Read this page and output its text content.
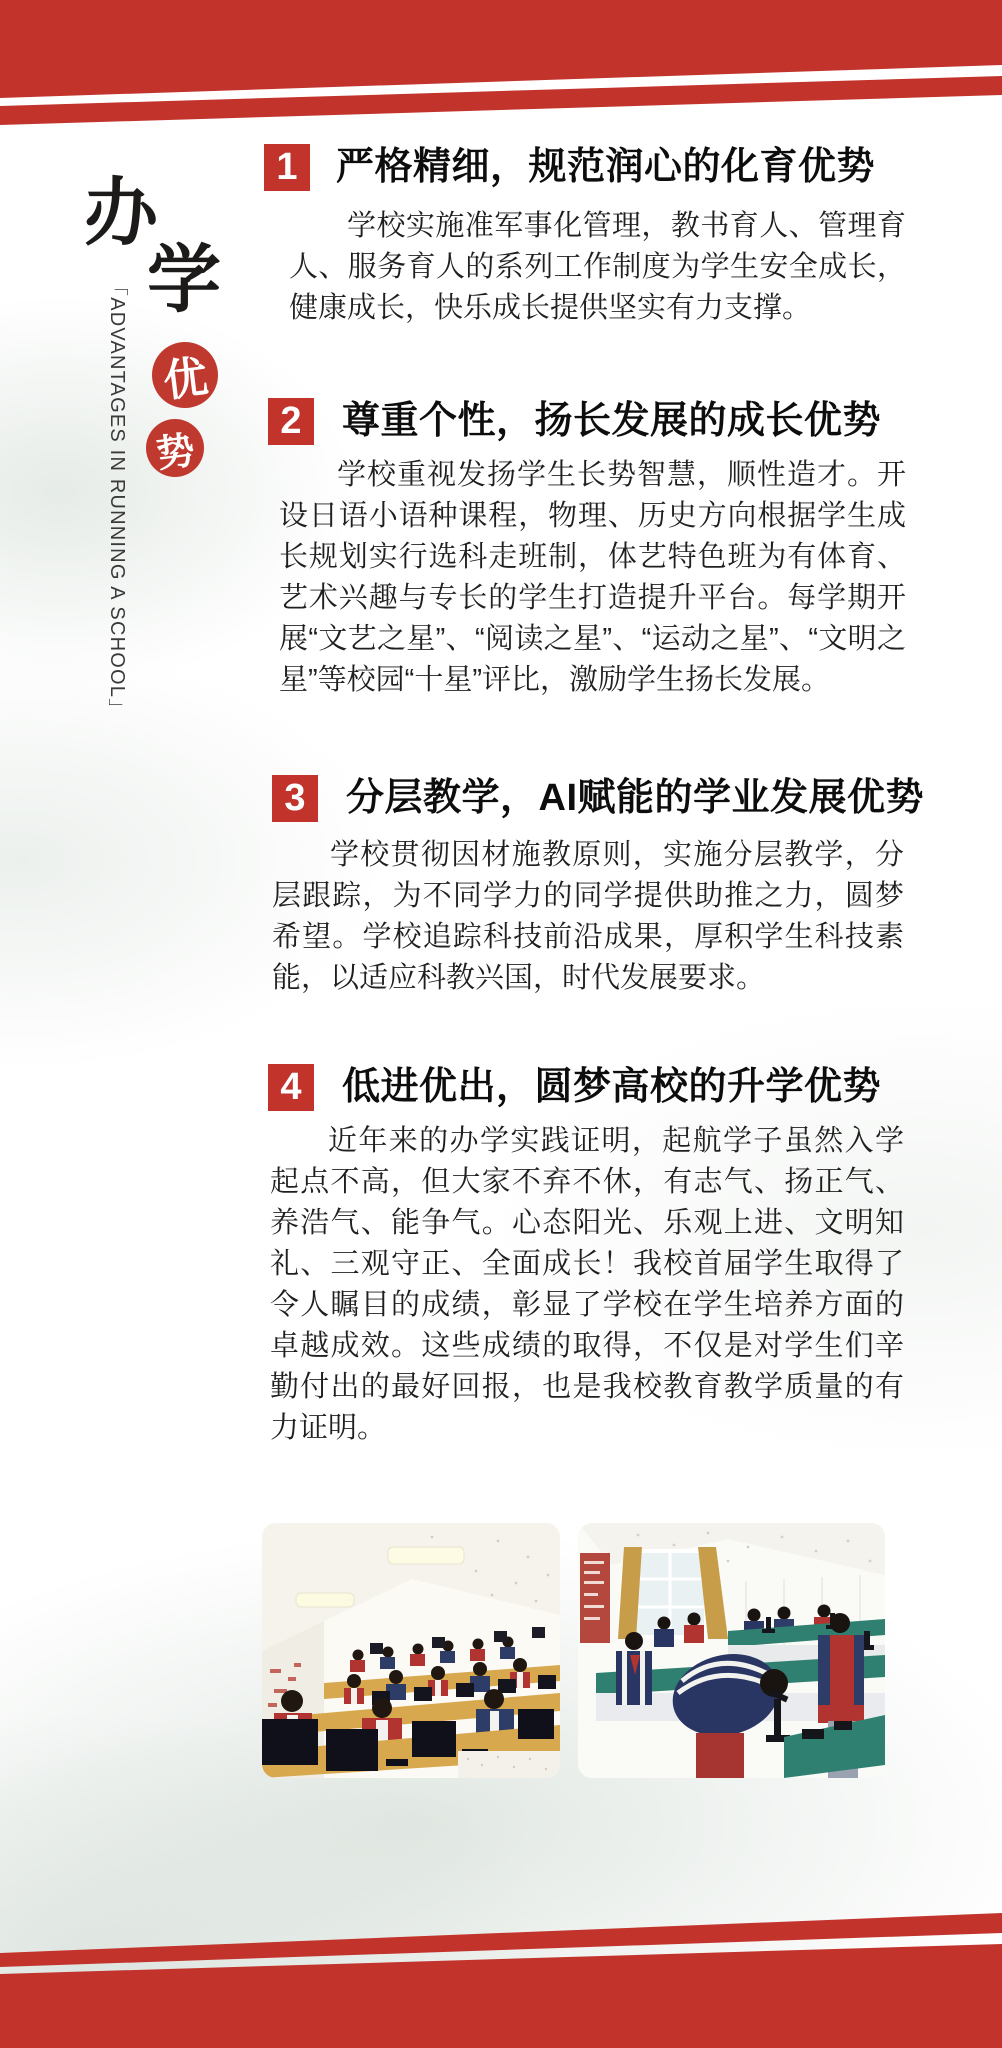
办
学
优
势
「ADVANTAGES IN RUNNING A SCHOOL」
1	严格精细，规范润心的化育优势
学校实施准军事化管理，教书育人、管理育人、服务育人的系列工作制度为学生安全成长，健康成长，快乐成长提供坚实有力支撑。
2	尊重个性，扬长发展的成长优势
学校重视发扬学生长势智慧，顺性造才。开设日语小语种课程，物理、历史方向根据学生成长规划实行选科走班制，体艺特色班为有体育、艺术兴趣与专长的学生打造提升平台。每学期开展“文艺之星”、“阅读之星”、“运动之星”、“文明之星”等校园“十星”评比，激励学生扬长发展。
3	分层教学，AI赋能的学业发展优势
学校贯彻因材施教原则，实施分层教学，分层跟踪，为不同学力的同学提供助推之力，圆梦希望。学校追踪科技前沿成果，厚积学生科技素能，以适应科教兴国，时代发展要求。
4	低进优出，圆梦高校的升学优势
近年来的办学实践证明，起航学子虽然入学起点不高，但大家不弃不休，有志气、扬正气、养浩气、能争气。心态阳光、乐观上进、文明知礼、三观守正、全面成长！我校首届学生取得了令人瞩目的成绩，彰显了学校在学生培养方面的卓越成效。这些成绩的取得，不仅是对学生们辛勤付出的最好回报，也是我校教育教学质量的有力证明。
